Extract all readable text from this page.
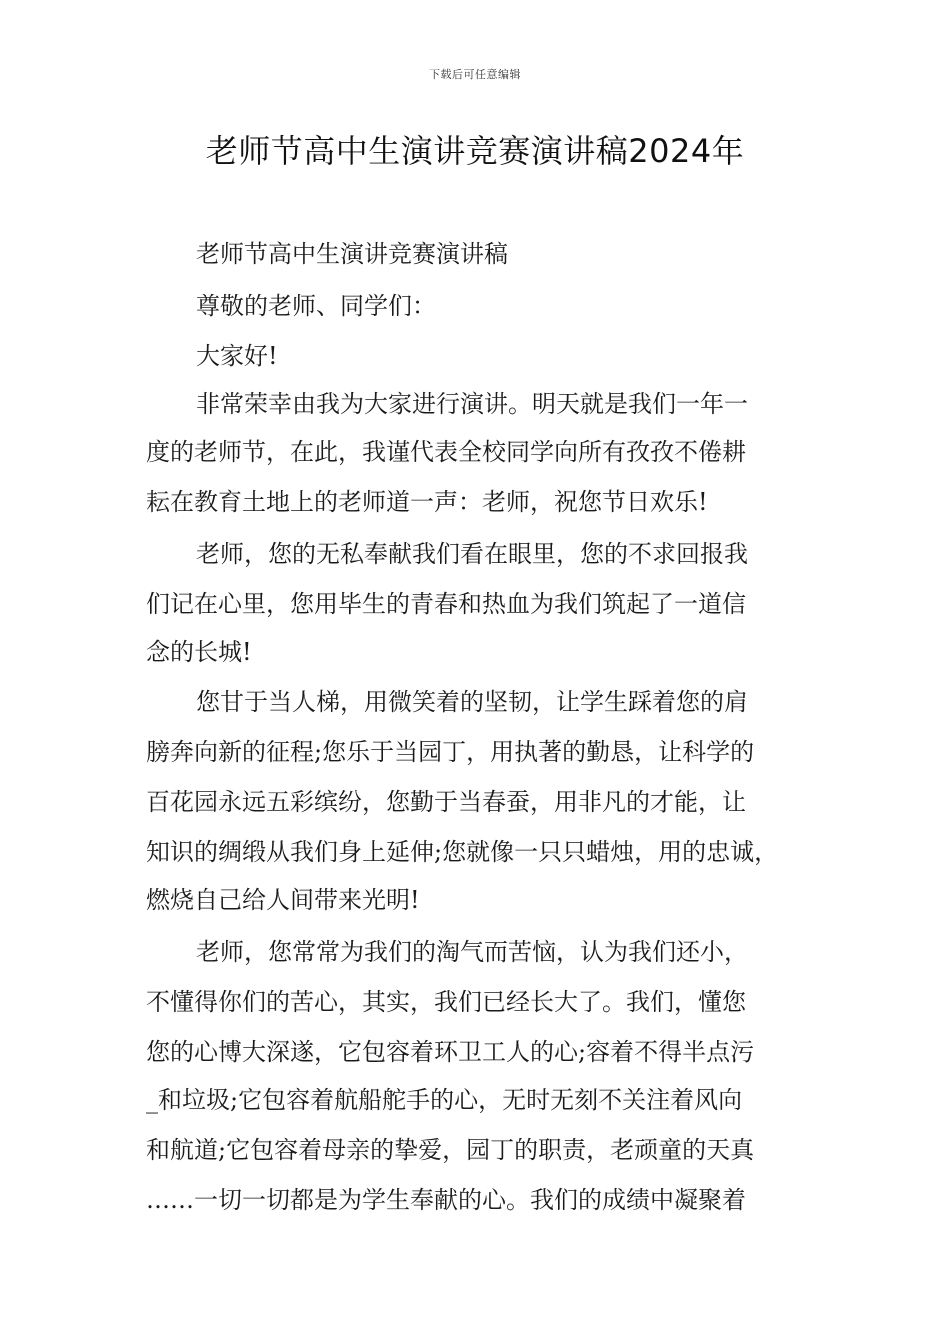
下载后可任意编辑
老师节高中生演讲竞赛演讲稿2024年
老师节高中生演讲竞赛演讲稿
尊敬的老师、同学们：
大家好!
非常荣幸由我为大家进行演讲。明天就是我们一年一
度的老师节，在此，我谨代表全校同学向所有孜孜不倦耕
耘在教育土地上的老师道一声：老师，祝您节日欢乐!
老师，您的无私奉献我们看在眼里，您的不求回报我
们记在心里，您用毕生的青春和热血为我们筑起了一道信
念的长城!
您甘于当人梯，用微笑着的坚韧，让学生踩着您的肩
膀奔向新的征程;您乐于当园丁，用执著的勤恳，让科学的
百花园永远五彩缤纷，您勤于当春蚕，用非凡的才能，让
知识的绸缎从我们身上延伸;您就像一只只蜡烛，用的忠诚，
燃烧自己给人间带来光明!
老师，您常常为我们的淘气而苦恼，认为我们还小，
不懂得你们的苦心，其实，我们已经长大了。我们，懂您
您的心博大深遂，它包容着环卫工人的心;容着不得半点污
_和垃圾;它包容着航船舵手的心，无时无刻不关注着风向
和航道;它包容着母亲的挚爱，园丁的职责，老顽童的天真
……一切一切都是为学生奉献的心。我们的成绩中凝聚着
